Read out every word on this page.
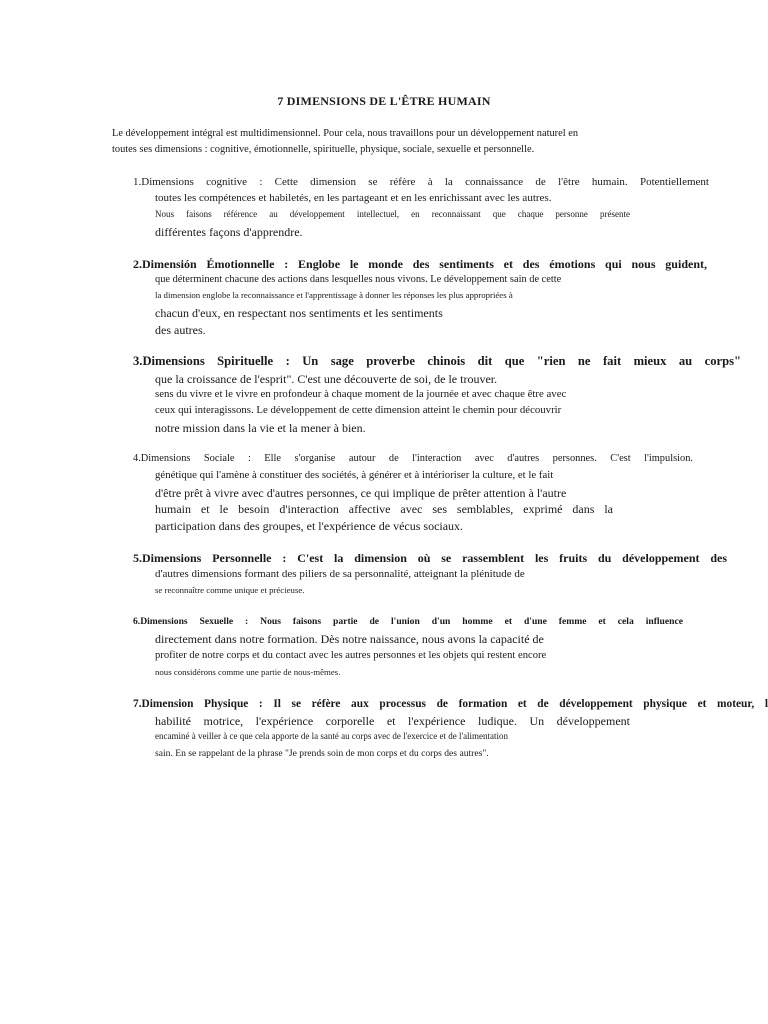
7 DIMENSIONS DE L'ÊTRE HUMAIN
Le développement intégral est multidimensionnel. Pour cela, nous travaillons pour un développement naturel en
toutes ses dimensions : cognitive, émotionnelle, spirituelle, physique, sociale, sexuelle et personnelle.
1.Dimensions cognitive : Cette dimension se réfère à la connaissance de l'être humain. Potentiellement
toutes les compétences et habiletés, en les partageant et en les enrichissant avec les autres.
Nous faisons référence au développement intellectuel, en reconnaissant que chaque personne présente
différentes façons d'apprendre.
2.Dimensión Émotionnelle : Englobe le monde des sentiments et des émotions qui nous guident,
que déterminent chacune des actions dans lesquelles nous vivons. Le développement sain de cette
la dimension englobe la reconnaissance et l'apprentissage à donner les réponses les plus appropriées à
chacun d'eux, en respectant nos sentiments et les sentiments
des autres.
3.Dimensions Spirituelle : Un sage proverbe chinois dit que "rien ne fait mieux au corps"
que la croissance de l'esprit". C'est une découverte de soi, de le trouver.
sens du vivre et le vivre en profondeur à chaque moment de la journée et avec chaque être avec
ceux qui interagissons. Le développement de cette dimension atteint le chemin pour découvrir
notre mission dans la vie et la mener à bien.
4.Dimensions Sociale : Elle s'organise autour de l'interaction avec d'autres personnes. C'est l'impulsion.
génétique qui l'amène à constituer des sociétés, à générer et à intérioriser la culture, et le fait
d'être prêt à vivre avec d'autres personnes, ce qui implique de prêter attention à l'autre
humain et le besoin d'interaction affective avec ses semblables, exprimé dans la
participation dans des groupes, et l'expérience de vécus sociaux.
5.Dimensions Personnelle : C'est la dimension où se rassemblent les fruits du développement des
d'autres dimensions formant des piliers de sa personnalité, atteignant la plénitude de
se reconnaître comme unique et précieuse.
6.Dimensions Sexuelle : Nous faisons partie de l'union d'un homme et d'une femme et cela influence
directement dans notre formation. Dès notre naissance, nous avons la capacité de
profiter de notre corps et du contact avec les autres personnes et les objets qui restent encore
nous considérons comme une partie de nous-mêmes.
7.Dimension Physique : Il se réfère aux processus de formation et de développement physique et moteur, l
habilité motrice, l'expérience corporelle et l'expérience ludique. Un développement
encaminé à veiller à ce que cela apporte de la santé au corps avec de l'exercice et de l'alimentation
sain. En se rappelant de la phrase "Je prends soin de mon corps et du corps des autres".
